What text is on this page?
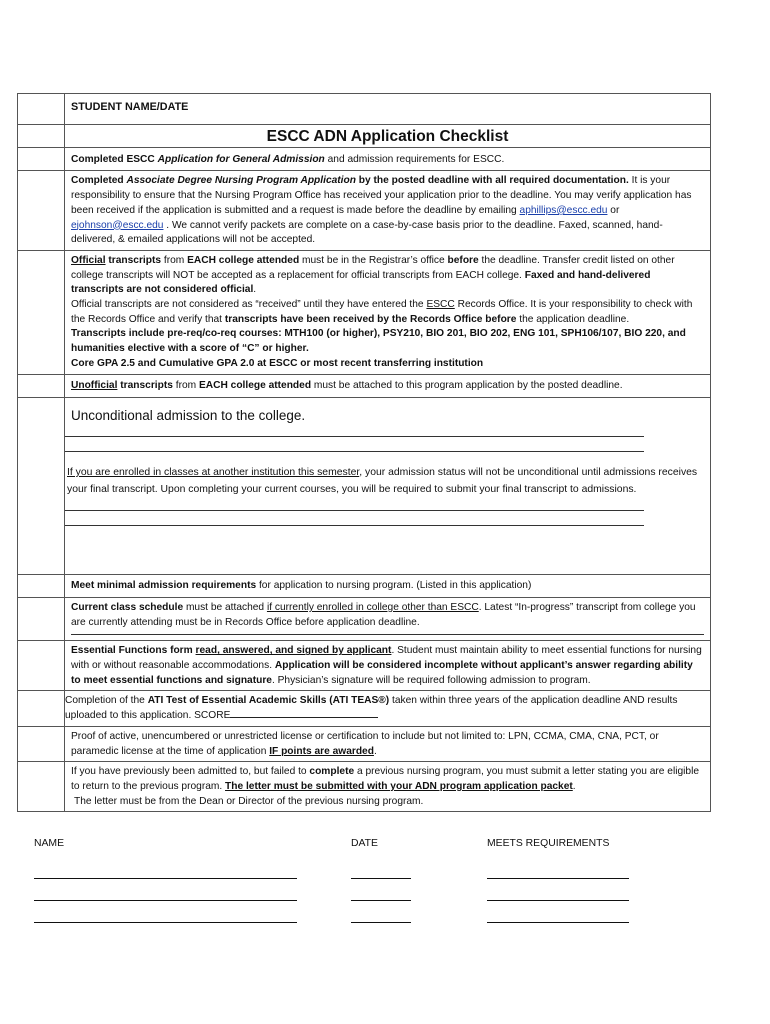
STUDENT NAME/DATE
ESCC ADN Application Checklist
Completed ESCC Application for General Admission and admission requirements for ESCC.
Completed Associate Degree Nursing Program Application by the posted deadline with all required documentation. It is your responsibility to ensure that the Nursing Program Office has received your application prior to the deadline. You may verify application has been received if the application is submitted and a request is made before the deadline by emailing aphillips@escc.edu or ejohnson@escc.edu . We cannot verify packets are complete on a case-by-case basis prior to the deadline. Faxed, scanned, hand-delivered, & emailed applications will not be accepted.
Official transcripts from EACH college attended must be in the Registrar’s office before the deadline. Transfer credit listed on other college transcripts will NOT be accepted as a replacement for official transcripts from EACH college. Faxed and hand-delivered transcripts are not considered official.
Official transcripts are not considered as “received” until they have entered the ESCC Records Office. It is your responsibility to check with the Records Office and verify that transcripts have been received by the Records Office before the application deadline.
Transcripts include pre-req/co-req courses: MTH100 (or higher), PSY210, BIO 201, BIO 202, ENG 101, SPH106/107, BIO 220, and humanities elective with a score of “C” or higher.
Core GPA 2.5 and Cumulative GPA 2.0 at ESCC or most recent transferring institution
Unofficial transcripts from EACH college attended must be attached to this program application by the posted deadline.
Unconditional admission to the college.
If you are enrolled in classes at another institution this semester, your admission status will not be unconditional until admissions receives your final transcript. Upon completing your current courses, you will be required to submit your final transcript to admissions.
Meet minimal admission requirements for application to nursing program. (Listed in this application)
Current class schedule must be attached if currently enrolled in college other than ESCC. Latest “In-progress” transcript from college you are currently attending must be in Records Office before application deadline.
Essential Functions form read, answered, and signed by applicant. Student must maintain ability to meet essential functions for nursing with or without reasonable accommodations. Application will be considered incomplete without applicant’s answer regarding ability to meet essential functions and signature. Physician’s signature will be required following admission to program.
Completion of the ATI Test of Essential Academic Skills (ATI TEAS®) taken within three years of the application deadline AND results uploaded to this application. SCORE
Proof of active, unencumbered or unrestricted license or certification to include but not limited to: LPN, CCMA, CMA, CNA, PCT, or paramedic license at the time of application IF points are awarded.
If you have previously been admitted to, but failed to complete a previous nursing program, you must submit a letter stating you are eligible to return to the previous program. The letter must be submitted with your ADN program application packet.
The letter must be from the Dean or Director of the previous nursing program.
NAME	DATE	MEETS REQUIREMENTS
